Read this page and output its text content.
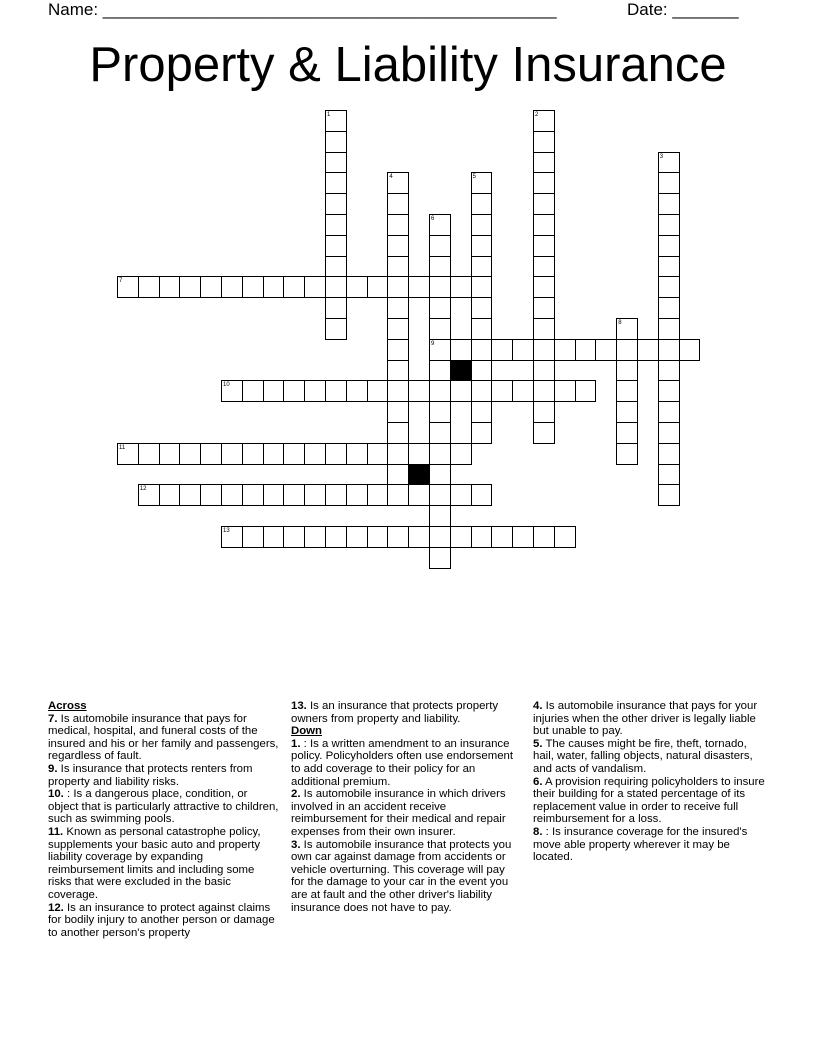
Name: ________________________________________________	Date: _______
Property & Liability Insurance
7
9
10
11
12
13
1	2
3
4	5
6
8

Across

7. Is automobile insurance that pays for medical, hospital, and funeral costs of the insured and his or her family and passengers, regardless of fault.

9. Is insurance that protects renters from property and liability risks.

10. : Is a dangerous place, condition, or object that is particularly attractive to children, such as swimming pools.

11. Known as personal catastrophe policy, supplements your basic auto and property liability coverage by expanding reimbursement limits and including some risks that were excluded in the basic coverage.

12. Is an insurance to protect against claims for bodily injury to another person or damage to another person's property

13. Is an insurance that protects property owners from property and liability.

Down

1. : Is a written amendment to an insurance policy. Policyholders often use endorsement to add coverage to their policy for an additional premium.

2. Is automobile insurance in which drivers involved in an accident receive reimbursement for their medical and repair expenses from their own insurer.

3. Is automobile insurance that protects you own car against damage from accidents or vehicle overturning. This coverage will pay for the damage to your car in the event you are at fault and the other driver's liability insurance does not have to pay.

4. Is automobile insurance that pays for your injuries when the other driver is legally liable but unable to pay.

5. The causes might be fire, theft, tornado, hail, water, falling objects, natural disasters, and acts of vandalism.

6. A provision requiring policyholders to insure their building for a stated percentage of its replacement value in order to receive full reimbursement for a loss.

8. : Is insurance coverage for the insured's move able property wherever it may be located.
